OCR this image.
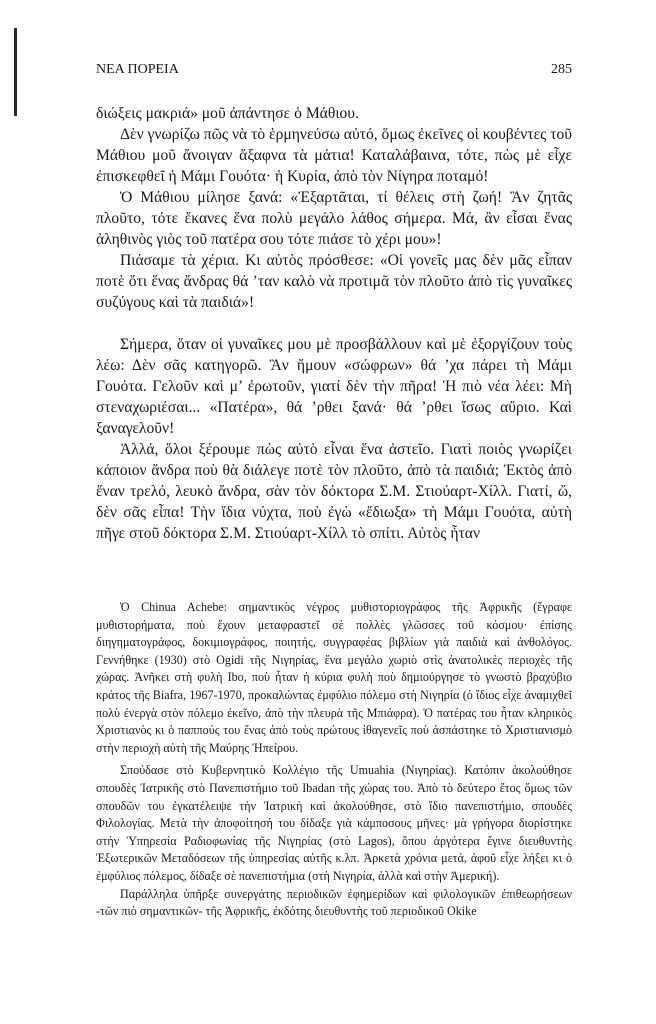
ΝΕΑ ΠΟΡΕΙΑ	285

διώξεις μακριά» μοῦ ἀπάντησε ὁ Μάθιου.

Δὲν γνωρίζω πῶς νὰ τὸ ἑρμηνεύσω αὐτό, ὅμως ἐκεῖνες οἱ κουβέντες τοῦ Μάθιου μοῦ ἄνοιγαν ἄξαφνα τὰ μάτια! Καταλάβαινα, τότε, πὼς μὲ εἶχε ἐπισκεφθεῖ ἡ Μάμι Γουότα· ἡ Κυρία, ἀπὸ τὸν Νίγηρα ποταμό!

Ὁ Μάθιου μίλησε ξανά: «Ἐξαρτᾶται, τί θέλεις στὴ ζωή! Ἂν ζητᾶς πλοῦτο, τότε ἔκανες ἕνα πολὺ μεγάλο λάθος σήμερα. Μά, ἂν εἶσαι ἕνας ἀληθινὸς γιὸς τοῦ πατέρα σου τότε πιάσε τὸ χέρι μου»!

Πιάσαμε τὰ χέρια. Κι αὐτὸς πρόσθεσε: «Οἱ γονεῖς μας δὲν μᾶς εἶπαν ποτὲ ὅτι ἕνας ἄνδρας θά ’ταν καλὸ νὰ προτιμᾶ τὸν πλοῦτο ἀπὸ τὶς γυναῖκες συζύγους καὶ τὰ παιδιά»!

Σήμερα, ὅταν οἱ γυναῖκες μου μὲ προσβάλλουν καὶ μὲ ἐξοργίζουν τοὺς λέω: Δὲν σᾶς κατηγορῶ. Ἂν ἤμουν «σώφρων» θά ’χα πάρει τὴ Μάμι Γουότα. Γελοῦν καὶ μ’ ἐρωτοῦν, γιατί δὲν τὴν πῆρα! Ἡ πιὸ νέα λέει: Μὴ στεναχωριέσαι... «Πατέρα», θά ’ρθει ξανά· θά ’ρθει ἴσως αὔριο. Καὶ ξαναγελοῦν!

Ἀλλά, ὅλοι ξέρουμε πὼς αὐτὸ εἶναι ἕνα ἀστεῖο. Γιατὶ ποιὸς γνωρίζει κάποιον ἄνδρα ποὺ θὰ διάλεγε ποτὲ τὸν πλοῦτο, ἀπὸ τὰ παιδιά; Ἐκτὸς ἀπὸ ἕναν τρελό, λευκὸ ἄνδρα, σὰν τὸν δόκτορα Σ.Μ. Στιούαρτ-Χίλλ. Γιατί, ὤ, δὲν σᾶς εἶπα! Τὴν ἴδια νύχτα, ποὺ ἐγὼ «ἔδιωξα» τὴ Μάμι Γουότα, αὐτὴ πῆγε στοῦ δόκτορα Σ.Μ. Στιούαρτ-Χίλλ τὸ σπίτι. Αὐτὸς ἦταν

Ὁ Chinua Achebe: σημαντικὸς νέγρος μυθιστοριογράφος τῆς Ἀφρικῆς (ἔγραφε μυθιστορήματα, ποὺ ἔχουν μεταφραστεῖ σὲ πολλὲς γλῶσσες τοῦ κόσμου· ἐπίσης διηγηματογράφος, δοκιμιογράφος, ποιητής, συγγραφέας βιβλίων γιὰ παιδιὰ καὶ ἀνθολόγος. Γεννήθηκε (1930) στὸ Ogidi τῆς Νιγηρίας, ἕνα μεγάλο χωριὸ στὶς ἀνατολικὲς περιοχὲς τῆς χώρας. Ἀνῆκει στὴ φυλὴ Ibo, ποὺ ἦταν ἡ κύρια φυλὴ ποὺ δημιούργησε τὸ γνωστὸ βραχύβιο κράτος τῆς Biafra, 1967-1970, προκαλώντας ἐμφύλιο πόλεμο στὴ Νιγηρία (ὁ ἴδιος εἶχε ἀναμιχθεῖ πολὺ ἐνεργὰ στὸν πόλεμο ἐκεῖνο, ἀπὸ τὴν πλευρὰ τῆς Μπιάφρα). Ὁ πατέρας του ἦταν κληρικὸς Χριστιανὸς κι ὁ παππούς του ἕνας ἀπὸ τοὺς πρώτους ἰθαγενεῖς ποὺ ἀσπάστηκε τὸ Χριστιανισμὸ στὴν περιοχὴ αὐτὴ τῆς Μαύρης Ἠπείρου.

Σπούδασε στὸ Κυβερνητικὸ Κολλέγιο τῆς Umuahia (Νιγηρίας). Κατόπιν ἀκολούθησε σπουδὲς Ἰατρικῆς στὸ Πανεπιστήμιο τοῦ Ibadan τῆς χώρας του. Ἀπὸ τὸ δεύτερο ἔτος ὅμως τῶν σπουδῶν του ἐγκατέλειψε τὴν Ἰατρικὴ καὶ ἀκολούθησε, στὸ ἴδιο πανεπιστήμιο, σπουδὲς Φιλολογίας. Μετὰ τὴν ἀποφοίτησή του δίδαξε γιὰ κάμποσους μῆνες· μὰ γρήγορα διορίστηκε στὴν Ὑπηρεσία Ραδιοφωνίας τῆς Νιγηρίας (στὸ Lagos), ὅπου ἀργότερα ἔγινε διευθυντὴς Ἐξωτερικῶν Μεταδόσεων τῆς ὑπηρεσίας αὐτῆς κ.λπ. Ἀρκετὰ χρόνια μετά, ἀφοῦ εἶχε λήξει κι ὁ ἐμφύλιος πόλεμος, δίδαξε σὲ πανεπιστήμια (στὴ Νιγηρία, ἀλλὰ καὶ στὴν Ἀμερική).

Παράλληλα ὑπῆρξε συνεργάτης περιοδικῶν ἐφημερίδων καὶ φιλολογικῶν ἐπιθεωρήσεων -τῶν πιὸ σημαντικῶν- τῆς Ἀφρικῆς, ἐκδότης διευθυντὴς τοῦ περιοδικοῦ Okike
